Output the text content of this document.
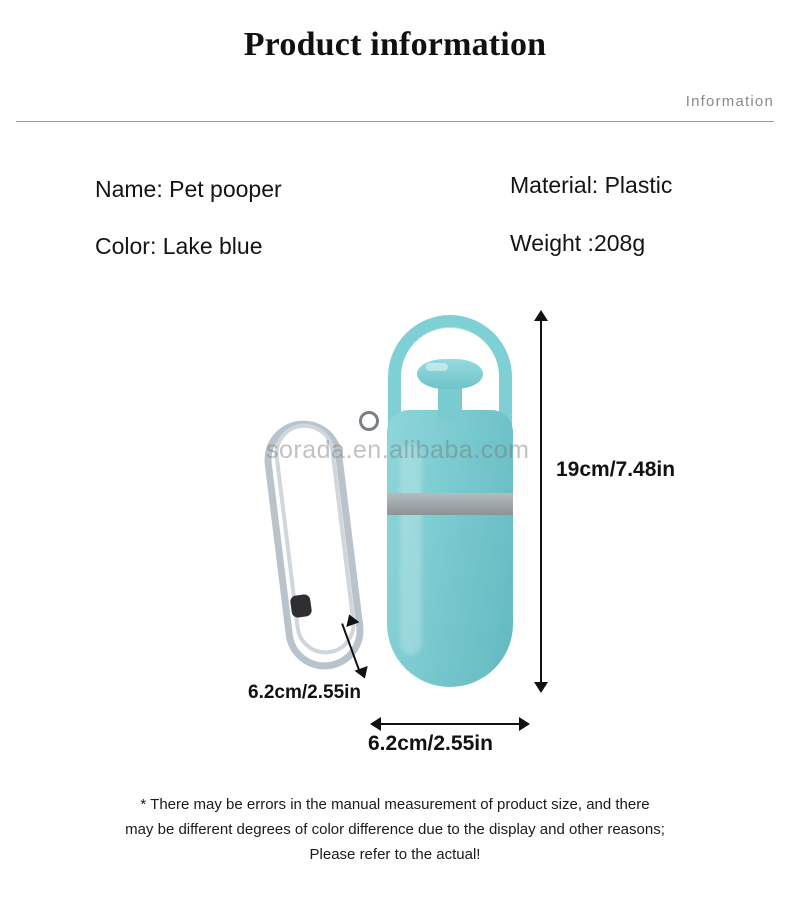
Product information
Information
Name: Pet pooper
Color: Lake blue
Material: Plastic
Weight :208g
sorada.en.alibaba.com
19cm/7.48in
6.2cm/2.55in
6.2cm/2.55in
* There may be errors in the manual measurement of product size, and there
may be different degrees of color difference due to the display and other reasons;
Please refer to the actual!
